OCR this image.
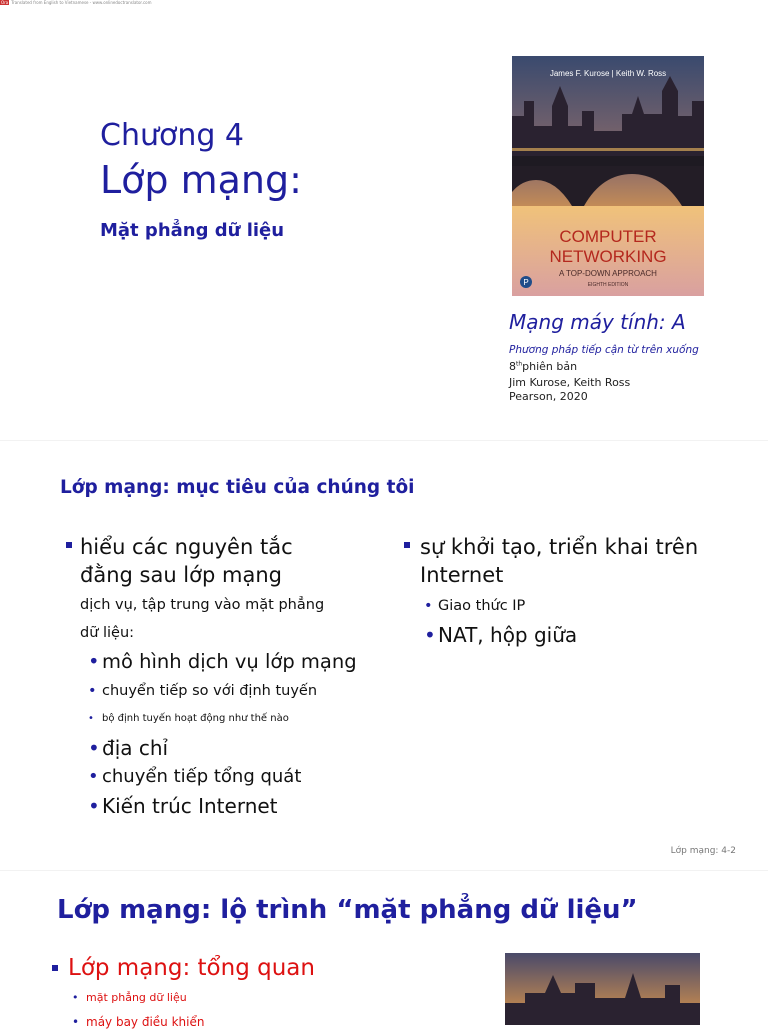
Ora Translated from English to Vietnamese - www.onlinedoctranslator.com
Chương 4
Lớp mạng:
Mặt phẳng dữ liệu
James F. Kurose | Keith W. Ross
COMPUTER
NETWORKING
A TOP-DOWN APPROACH
EIGHTH EDITION
P
Mạng máy tính: A
Phương pháp tiếp cận từ trên xuống
8thphiên bản
Jim Kurose, Keith Ross
Pearson, 2020
Lớp mạng: mục tiêu của chúng tôi
hiểu các nguyên tắc
đằng sau lớp mạng
dịch vụ, tập trung vào mặt phẳng
dữ liệu:
• mô hình dịch vụ lớp mạng
• chuyển tiếp so với định tuyến
• bộ định tuyến hoạt động như thế nào
• địa chỉ
• chuyển tiếp tổng quát
• Kiến trúc Internet
sự khởi tạo, triển khai trên
Internet
• Giao thức IP
• NAT, hộp giữa
Lớp mạng: 4-2
Lớp mạng: lộ trình “mặt phẳng dữ liệu”
Lớp mạng: tổng quan
• mặt phẳng dữ liệu
• máy bay điều khiển
